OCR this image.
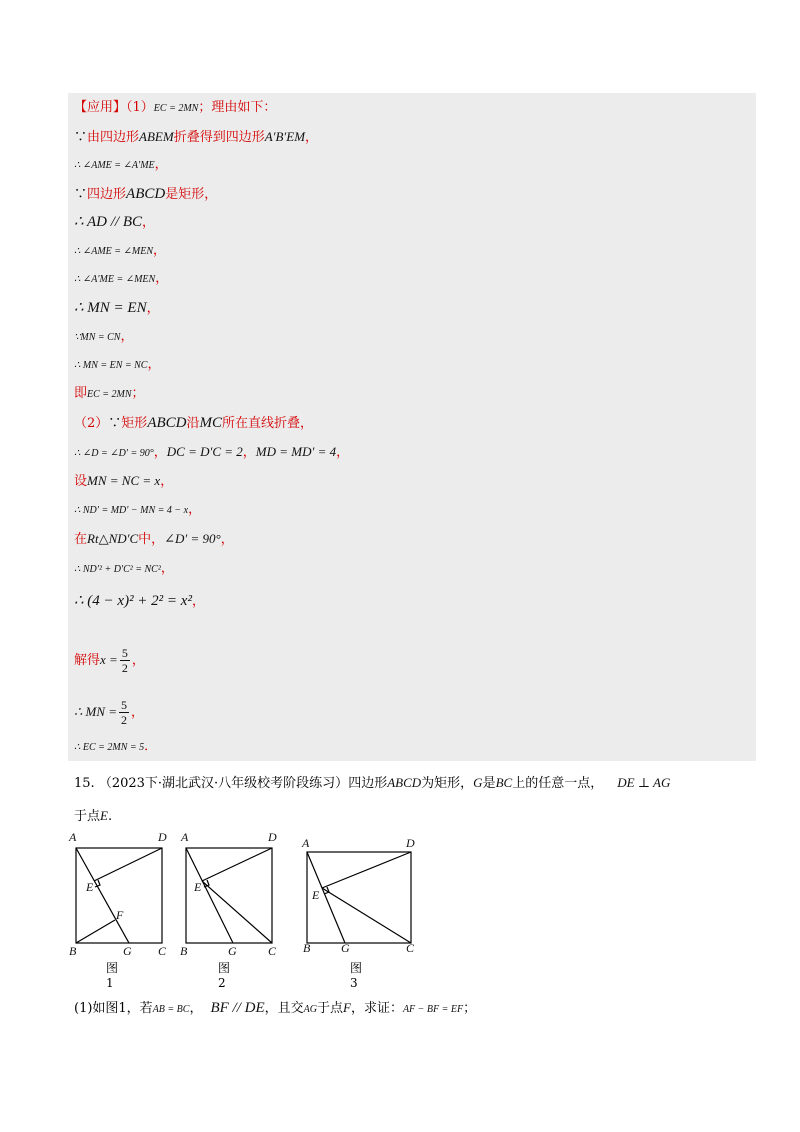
【应用】（1）EC = 2MN；理由如下：
∵由四边形ABEM折叠得到四边形A′B′EM，
∴ ∠AME = ∠A′ME，
∵四边形ABCD是矩形，
∴ AD // BC，
∴ ∠AME = ∠MEN，
∴ ∠A′ME = ∠MEN，
∴ MN = EN，
∵MN = CN，
∴ MN = EN = NC，
即EC = 2MN；
（2）∵矩形ABCD沿MC所在直线折叠，
∴ ∠D = ∠D′ = 90°，DC = D′C = 2，MD = MD′ = 4，
设MN = NC = x，
∴ ND′ = MD′ − MN = 4 − x，
在Rt△ND′C中，∠D′ = 90°，
∴ ND′² + D′C² = NC²，
∴ (4 − x)² + 2² = x²，
解得$x = \frac{5}{2}$ ，
∴ MN = $\frac{5}{2}$ ，
∴ EC = 2MN = 5．
15. （2023下·湖北武汉·八年级校考阶段练习）四边形ABCD为矩形，G是BC上的任意一点， DE ⊥ AG
于点E.
A	D
E
F
B	G C
图1
A	D
E
B	G	C
图2
A	D
E
B	G	C
图3
(1)如图1，若AB = BC， BF // DE，且交AG于点F，求证：AF − BF = EF；
